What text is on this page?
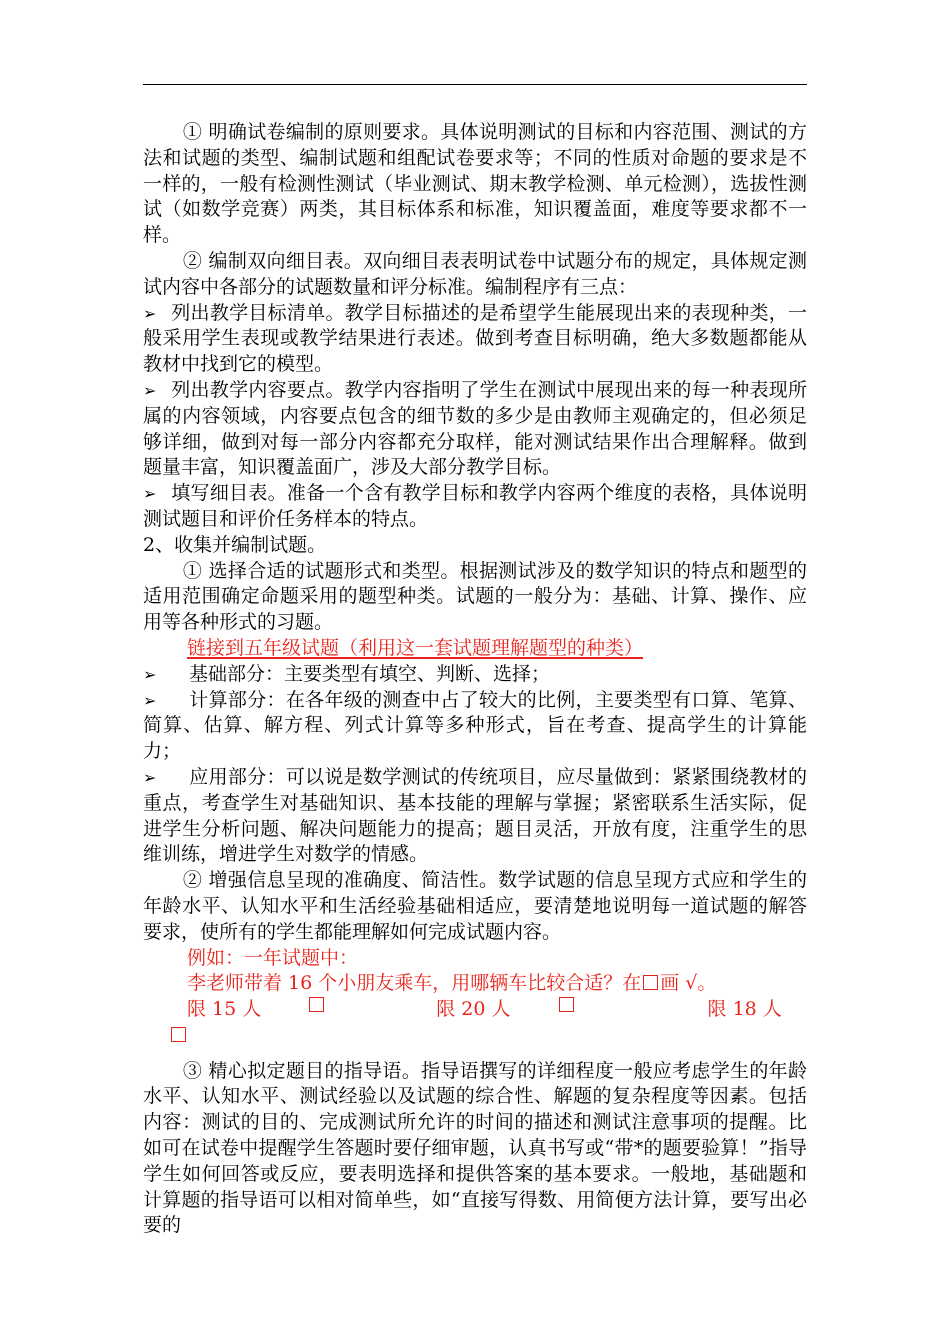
① 明确试卷编制的原则要求。具体说明测试的目标和内容范围、测试的方法和试题的类型、编制试题和组配试卷要求等；不同的性质对命题的要求是不一样的，一般有检测性测试（毕业测试、期末教学检测、单元检测），选拔性测试（如数学竞赛）两类，其目标体系和标准，知识覆盖面，难度等要求都不一样。

② 编制双向细目表。双向细目表表明试卷中试题分布的规定，具体规定测试内容中各部分的试题数量和评分标准。编制程序有三点：

➢ 列出教学目标清单。教学目标描述的是希望学生能展现出来的表现种类，一般采用学生表现或教学结果进行表述。做到考查目标明确，绝大多数题都能从教材中找到它的模型。

➢ 列出教学内容要点。教学内容指明了学生在测试中展现出来的每一种表现所属的内容领域，内容要点包含的细节数的多少是由教师主观确定的，但必须足够详细，做到对每一部分内容都充分取样，能对测试结果作出合理解释。做到题量丰富，知识覆盖面广，涉及大部分教学目标。

➢ 填写细目表。准备一个含有教学目标和教学内容两个维度的表格，具体说明测试题目和评价任务样本的特点。

2、收集并编制试题。

① 选择合适的试题形式和类型。根据测试涉及的数学知识的特点和题型的适用范围确定命题采用的题型种类。试题的一般分为：基础、计算、操作、应用等各种形式的习题。

链接到五年级试题（利用这一套试题理解题型的种类）

➢ 基础部分：主要类型有填空、判断、选择；

➢ 计算部分：在各年级的测查中占了较大的比例，主要类型有口算、笔算、简算、估算、解方程、列式计算等多种形式，旨在考查、提高学生的计算能力；

➢ 应用部分：可以说是数学测试的传统项目，应尽量做到：紧紧围绕教材的重点，考查学生对基础知识、基本技能的理解与掌握；紧密联系生活实际，促进学生分析问题、解决问题能力的提高；题目灵活，开放有度，注重学生的思维训练，增进学生对数学的情感。

② 增强信息呈现的准确度、简洁性。数学试题的信息呈现方式应和学生的年龄水平、认知水平和生活经验基础相适应，要清楚地说明每一道试题的解答要求，使所有的学生都能理解如何完成试题内容。

例如：一年试题中：

李老师带着 16 个小朋友乘车，用哪辆车比较合适？在 画 √。

限 15 人	限 20 人	限 18 人

③ 精心拟定题目的指导语。指导语撰写的详细程度一般应考虑学生的年龄水平、认知水平、测试经验以及试题的综合性、解题的复杂程度等因素。包括内容：测试的目的、完成测试所允许的时间的描述和测试注意事项的提醒。比如可在试卷中提醒学生答题时要仔细审题，认真书写或“带*的题要验算！”指导学生如何回答或反应，要表明选择和提供答案的基本要求。一般地，基础题和计算题的指导语可以相对简单些，如“直接写得数、用简便方法计算，要写出必要的
